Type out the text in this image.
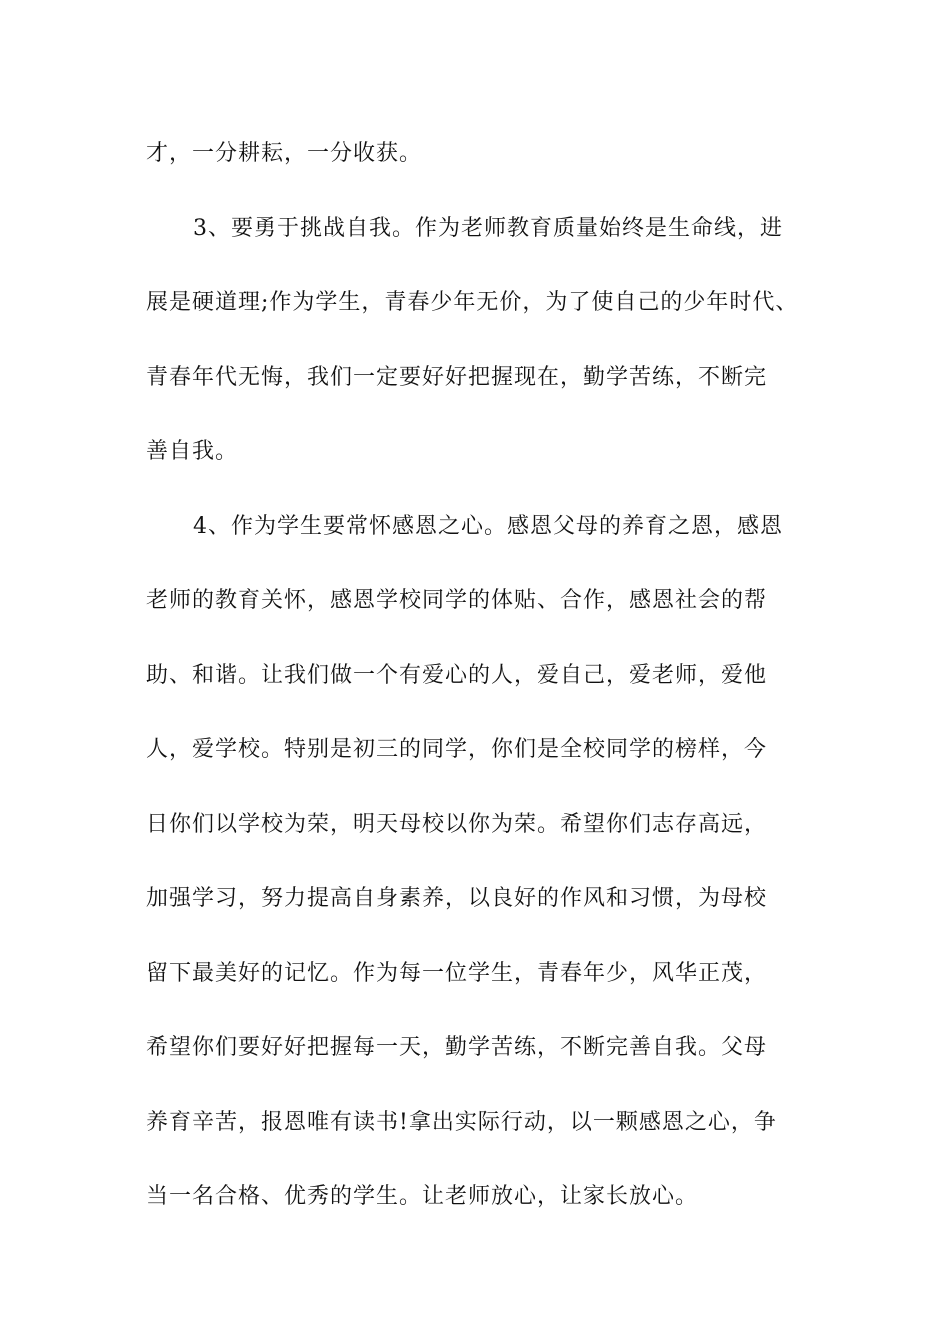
才，一分耕耘，一分收获。
3、要勇于挑战自我。作为老师教育质量始终是生命线，进
展是硬道理;作为学生，青春少年无价，为了使自己的少年时代、
青春年代无悔，我们一定要好好把握现在，勤学苦练，不断完
善自我。
4、作为学生要常怀感恩之心。感恩父母的养育之恩，感恩
老师的教育关怀，感恩学校同学的体贴、合作，感恩社会的帮
助、和谐。让我们做一个有爱心的人，爱自己，爱老师，爱他
人，爱学校。特别是初三的同学，你们是全校同学的榜样，今
日你们以学校为荣，明天母校以你为荣。希望你们志存高远，
加强学习，努力提高自身素养，以良好的作风和习惯，为母校
留下最美好的记忆。作为每一位学生，青春年少，风华正茂，
希望你们要好好把握每一天，勤学苦练，不断完善自我。父母
养育辛苦，报恩唯有读书!拿出实际行动，以一颗感恩之心，争
当一名合格、优秀的学生。让老师放心，让家长放心。
